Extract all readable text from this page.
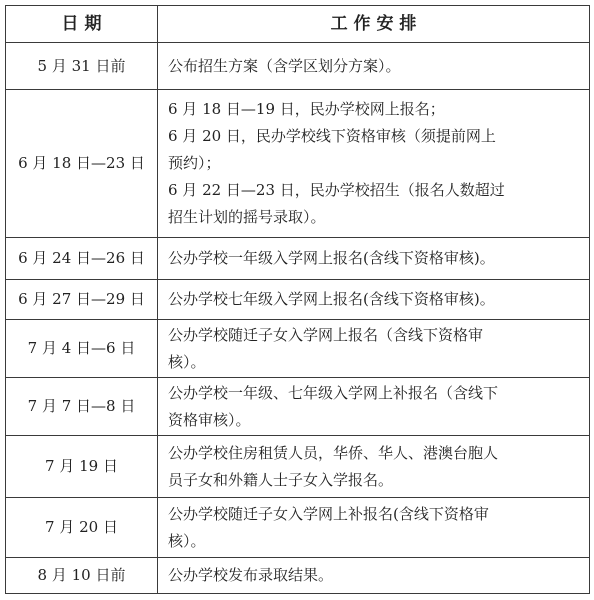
日 期	工 作 安 排
5 月 31 日前	公布招生方案（含学区划分方案）。

6 月 18 日—23 日	6 月 18 日—19 日，民办学校网上报名；
6 月 20 日，民办学校线下资格审核（须提前网上
预约）；
6 月 22 日—23 日，民办学校招生（报名人数超过
招生计划的摇号录取）。

6 月 24 日—26 日	公办学校一年级入学网上报名(含线下资格审核)。

6 月 27 日—29 日	公办学校七年级入学网上报名(含线下资格审核)。

7 月 4 日—6 日	公办学校随迁子女入学网上报名（含线下资格审
核）。

7 月 7 日—8 日	公办学校一年级、七年级入学网上补报名（含线下
资格审核）。

7 月 19 日	公办学校住房租赁人员，华侨、华人、港澳台胞人
员子女和外籍人士子女入学报名。

7 月 20 日	公办学校随迁子女入学网上补报名(含线下资格审
核）。

8 月 10 日前	公办学校发布录取结果。
